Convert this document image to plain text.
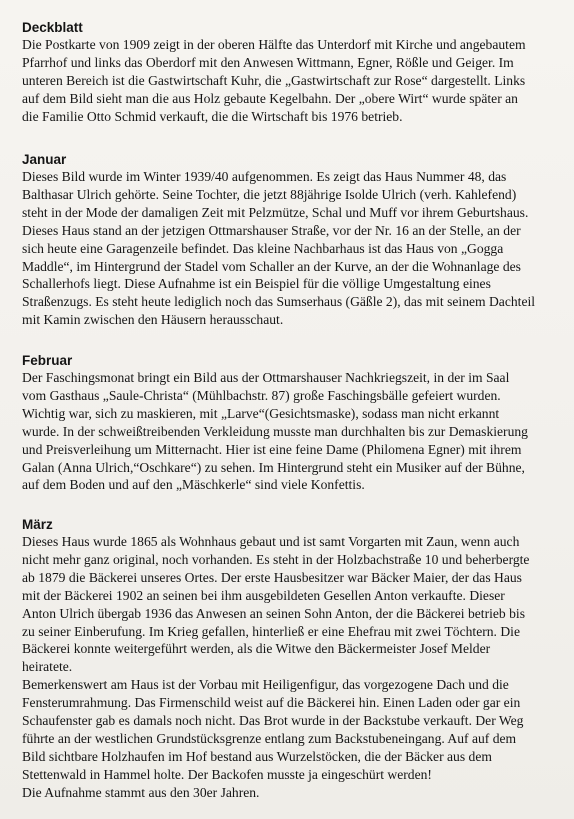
Deckblatt

Die Postkarte von 1909 zeigt in der oberen Hälfte das Unterdorf mit Kirche und angebautem
Pfarrhof und links das Oberdorf mit den Anwesen Wittmann, Egner, Rößle und Geiger. Im
unteren Bereich ist die Gastwirtschaft Kuhr, die „Gastwirtschaft zur Rose“ dargestellt. Links
auf dem Bild sieht man die aus Holz gebaute Kegelbahn. Der „obere Wirt“ wurde später an
die Familie Otto Schmid verkauft, die die Wirtschaft bis 1976 betrieb.

Januar

Dieses Bild wurde im Winter 1939/40 aufgenommen. Es zeigt das Haus Nummer 48, das
Balthasar Ulrich gehörte. Seine Tochter, die jetzt 88jährige Isolde Ulrich (verh. Kahlefend)
steht in der Mode der damaligen Zeit mit Pelzmütze, Schal und Muff vor ihrem Geburtshaus.
Dieses Haus stand an der jetzigen Ottmarshauser Straße, vor der Nr. 16 an der Stelle, an der
sich heute eine Garagenzeile befindet. Das kleine Nachbarhaus ist das Haus von „Gogga
Maddle“, im Hintergrund der Stadel vom Schaller an der Kurve, an der die Wohnanlage des
Schallerhofs liegt. Diese Aufnahme ist ein Beispiel für die völlige Umgestaltung eines
Straßenzugs. Es steht heute lediglich noch das Sumserhaus (Gäßle 2), das mit seinem Dachteil
mit Kamin zwischen den Häusern herausschaut.

Februar

Der Faschingsmonat bringt ein Bild aus der Ottmarshauser Nachkriegszeit, in der im Saal
vom Gasthaus „Saule-Christa“ (Mühlbachstr. 87) große Faschingsbälle gefeiert wurden.
Wichtig war, sich zu maskieren, mit „Larve“(Gesichtsmaske), sodass man nicht erkannt
wurde. In der schweißtreibenden Verkleidung musste man durchhalten bis zur Demaskierung
und Preisverleihung um Mitternacht. Hier ist eine feine Dame (Philomena Egner) mit ihrem
Galan (Anna Ulrich,“Oschkare“) zu sehen. Im Hintergrund steht ein Musiker auf der Bühne,
auf dem Boden und auf den „Mäschkerle“ sind viele Konfettis.

März

Dieses Haus wurde 1865 als Wohnhaus gebaut und ist samt Vorgarten mit Zaun, wenn auch
nicht mehr ganz original, noch vorhanden. Es steht in der Holzbachstraße 10 und beherbergte
ab 1879 die Bäckerei unseres Ortes. Der erste Hausbesitzer war Bäcker Maier, der das Haus
mit der Bäckerei 1902 an seinen bei ihm ausgebildeten Gesellen Anton verkaufte. Dieser
Anton Ulrich übergab 1936 das Anwesen an seinen Sohn Anton, der die Bäckerei betrieb bis
zu seiner Einberufung. Im Krieg gefallen, hinterließ er eine Ehefrau mit zwei Töchtern. Die
Bäckerei konnte weitergeführt werden, als die Witwe den Bäckermeister Josef Melder
heiratete.
Bemerkenswert am Haus ist der Vorbau mit Heiligenfigur, das vorgezogene Dach und die
Fensterumrahmung. Das Firmenschild weist auf die Bäckerei hin. Einen Laden oder gar ein
Schaufenster gab es damals noch nicht. Das Brot wurde in der Backstube verkauft. Der Weg
führte an der westlichen Grundstücksgrenze entlang zum Backstubeneingang. Auf auf dem
Bild sichtbare Holzhaufen im Hof bestand aus Wurzelstöcken, die der Bäcker aus dem
Stettenwald in Hammel holte. Der Backofen musste ja eingeschürt werden!
Die Aufnahme stammt aus den 30er Jahren.
